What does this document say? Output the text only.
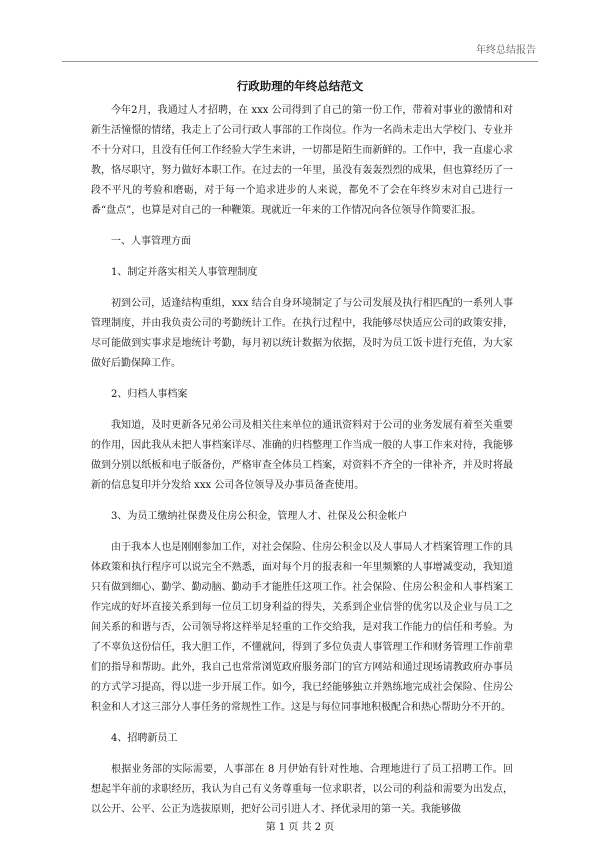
年终总结报告
行政助理的年终总结范文

今年2月，我通过人才招聘，在 xxx 公司得到了自己的第一份工作，带着对事业的激情和对新生活憧憬的情绪，我走上了公司行政人事部的工作岗位。作为一名尚未走出大学校门、专业并不十分对口，且没有任何工作经验大学生来讲，一切都是陌生而新鲜的。工作中，我一直虚心求教，恪尽职守，努力做好本职工作。在过去的一年里，虽没有轰轰烈烈的成果，但也算经历了一段不平凡的考验和磨砺，对于每一个追求进步的人来说，都免不了会在年终岁末对自己进行一番“盘点”，也算是对自己的一种鞭策。现就近一年来的工作情况向各位领导作简要汇报。

一、人事管理方面

1、制定并落实相关人事管理制度

初到公司，适逢结构重组，xxx 结合自身环境制定了与公司发展及执行相匹配的一系列人事管理制度，并由我负责公司的考勤统计工作。在执行过程中，我能够尽快适应公司的政策安排，尽可能做到实事求是地统计考勤，每月初以统计数据为依据，及时为员工饭卡进行充值，为大家做好后勤保障工作。

2、归档人事档案

我知道，及时更新各兄弟公司及相关往来单位的通讯资料对于公司的业务发展有着至关重要的作用，因此我从未把人事档案详尽、准确的归档整理工作当成一般的人事工作来对待，我能够做到分别以纸板和电子版备份，严格审查全体员工档案，对资料不齐全的一律补齐，并及时将最新的信息复印并分发给 xxx 公司各位领导及办事员备查使用。

3、为员工缴纳社保费及住房公积金，管理人才、社保及公积金帐户

由于我本人也是刚刚参加工作，对社会保险、住房公积金以及人事局人才档案管理工作的具体政策和执行程序可以说完全不熟悉，面对每个月的报表和一年里频繁的人事增减变动，我知道只有做到细心、勤学、勤动脑、勤动手才能胜任这项工作。社会保险、住房公积金和人事档案工作完成的好坏直接关系到每一位员工切身利益的得失，关系到企业信誉的优劣以及企业与员工之间关系的和谐与否，公司领导将这样举足轻重的工作交给我，是对我工作能力的信任和考验。为了不辜负这份信任，我大胆工作，不懂就问，得到了多位负责人事管理工作和财务管理工作前辈们的指导和帮助。此外，我自己也常常浏览政府服务部门的官方网站和通过现场请教政府办事员的方式学习提高，得以进一步开展工作。如今，我已经能够独立并熟练地完成社会保险、住房公积金和人才这三部分人事任务的常规性工作。这是与每位同事地积极配合和热心帮助分不开的。

4、招聘新员工

根据业务部的实际需要，人事部在 8 月伊始有针对性地、合理地进行了员工招聘工作。回想起半年前的求职经历，我认为自己有义务尊重每一位求职者，以公司的利益和需要为出发点，以公开、公平、公正为选拔原则，把好公司引进人才、择优录用的第一关。我能够做

第 1 页 共 2 页
